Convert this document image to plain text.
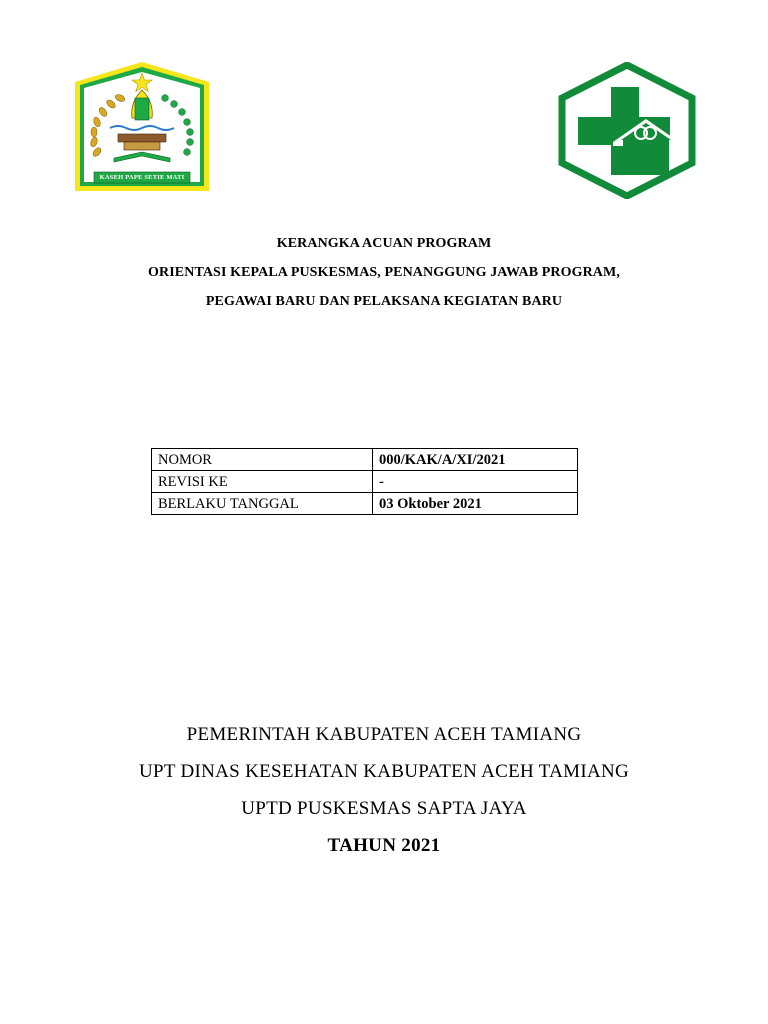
KASEH PAPE SETIE MATI
KERANGKA ACUAN PROGRAM
ORIENTASI KEPALA PUSKESMAS, PENANGGUNG JAWAB PROGRAM,
PEGAWAI BARU DAN PELAKSANA KEGIATAN BARU
NOMOR	000/KAK/A/XI/2021
REVISI KE	-
BERLAKU TANGGAL	03 Oktober 2021
PEMERINTAH KABUPATEN ACEH TAMIANG
UPT DINAS KESEHATAN KABUPATEN ACEH TAMIANG
UPTD PUSKESMAS SAPTA JAYA
TAHUN 2021
